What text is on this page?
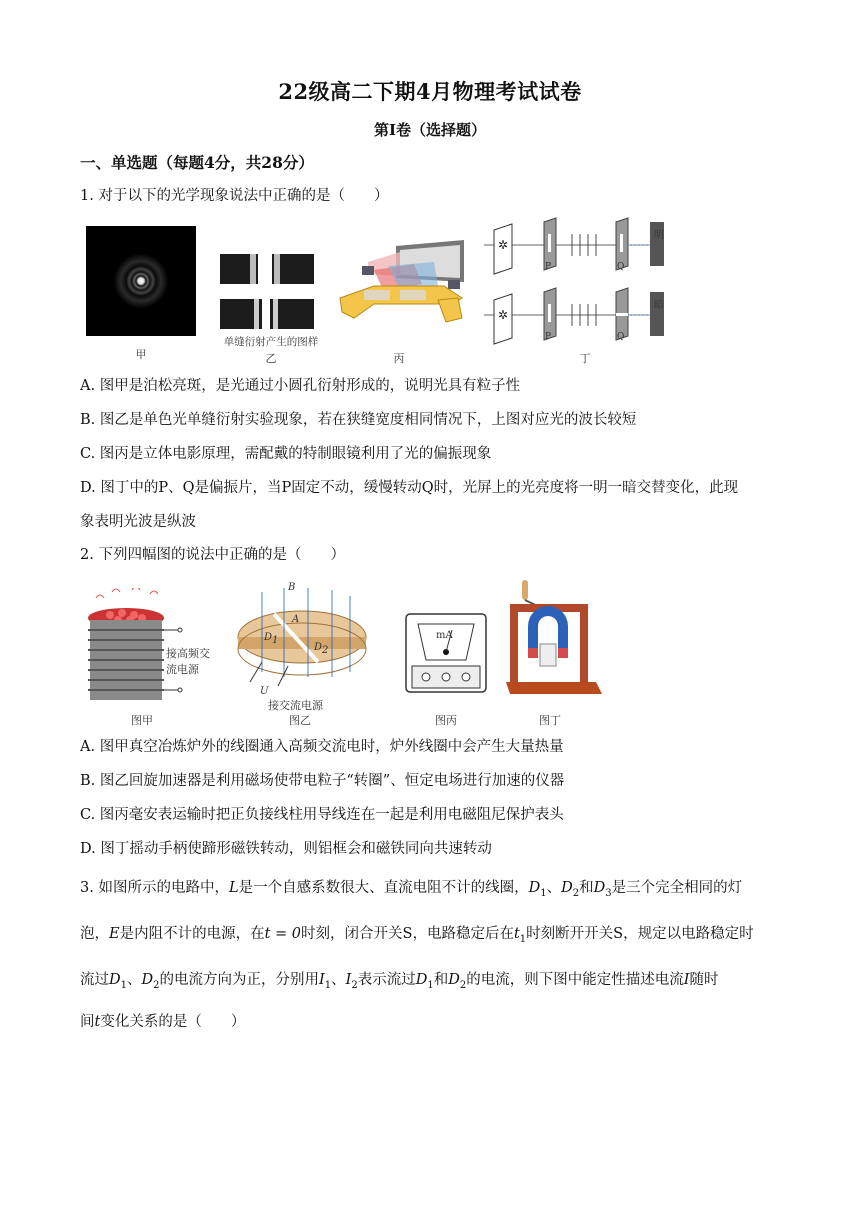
22级高二下期4月物理考试试卷
第I卷（选择题）
一、单选题（每题4分，共28分）
1. 对于以下的光学现象说法中正确的是（　　）
甲
单缝衍射产生的图样
乙	丙
✲
✲
P	Q
P	Q
明
暗
丁
A. 图甲是泊松亮斑，是光通过小圆孔衍射形成的，说明光具有粒子性
B. 图乙是单色光单缝衍射实验现象，若在狭缝宽度相同情况下，上图对应光的波长较短
C. 图丙是立体电影原理，需配戴的特制眼镜利用了光的偏振现象
D. 图丁中的P、Q是偏振片，当P固定不动，缓慢转动Q时，光屏上的光亮度将一明一暗交替变化，此现
象表明光波是纵波
2. 下列四幅图的说法中正确的是（　　）
接高频交
流电源
图甲
B
A
$D_1$
$D_2$
U
接交流电源
图乙
mA
图丙	图丁
A. 图甲真空冶炼炉外的线圈通入高频交流电时，炉外线圈中会产生大量热量
B. 图乙回旋加速器是利用磁场使带电粒子“转圈”、恒定电场进行加速的仪器
C. 图丙毫安表运输时把正负接线柱用导线连在一起是利用电磁阻尼保护表头
D. 图丁摇动手柄使蹄形磁铁转动，则铝框会和磁铁同向共速转动
3. 如图所示的电路中，L是一个自感系数很大、直流电阻不计的线圈，$D_1$、$D_2$和$D_3$是三个完全相同的灯
泡，E是内阻不计的电源，在t = 0时刻，闭合开关S，电路稳定后在$t_1$时刻断开开关S，规定以电路稳定时
流过$D_1$、$D_2$的电流方向为正，分别用$I_1$、$I_2$表示流过$D_1$和$D_2$的电流，则下图中能定性描述电流I随时
间t变化关系的是（　　）
